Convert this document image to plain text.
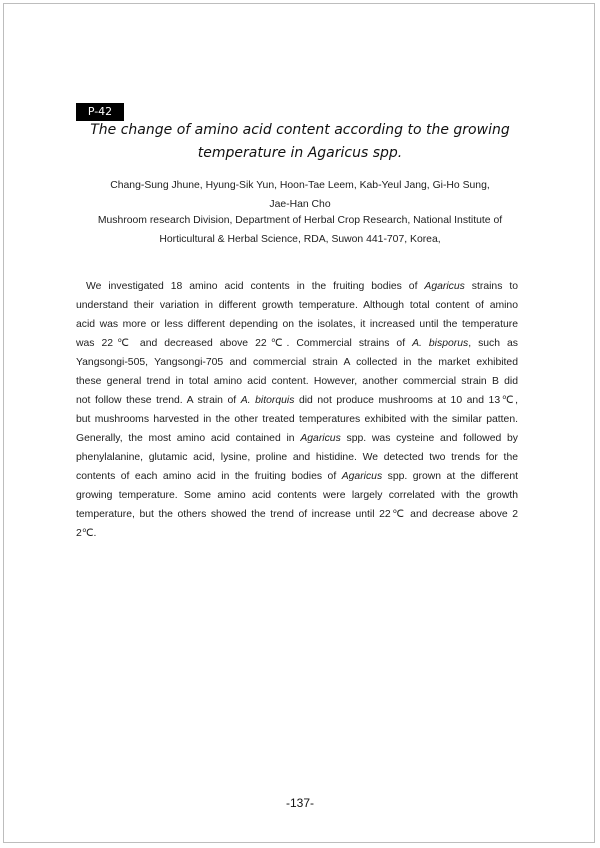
P-42
The change of amino acid content according to the growing
temperature in Agaricus spp.
Chang-Sung Jhune, Hyung-Sik Yun, Hoon-Tae Leem, Kab-Yeul Jang, Gi-Ho Sung,
Jae-Han Cho
Mushroom research Division, Department of Herbal Crop Research, National Institute of
Horticultural & Herbal Science, RDA, Suwon 441-707, Korea,
We investigated 18 amino acid contents in the fruiting bodies of Agaricus strains to
understand their variation in different growth temperature. Although total content of amino
acid was more or less different depending on the isolates, it increased until the temperature
was 22℃ and decreased above 22℃. Commercial strains of A. bisporus, such as
Yangsongi-505, Yangsongi-705 and commercial strain A collected in the market exhibited
these general trend in total amino acid content. However, another commercial strain B did
not follow these trend. A strain of A. bitorquis did not produce mushrooms at 10 and 13℃,
but mushrooms harvested in the other treated temperatures exhibited with the similar patten.
Generally, the most amino acid contained in Agaricus spp. was cysteine and followed by
phenylalanine, glutamic acid, lysine, proline and histidine. We detected two trends for the
contents of each amino acid in the fruiting bodies of Agaricus spp. grown at the different
growing temperature. Some amino acid contents were largely correlated with the growth
temperature, but the others showed the trend of increase until 22℃ and decrease above 2
2℃.
-137-
